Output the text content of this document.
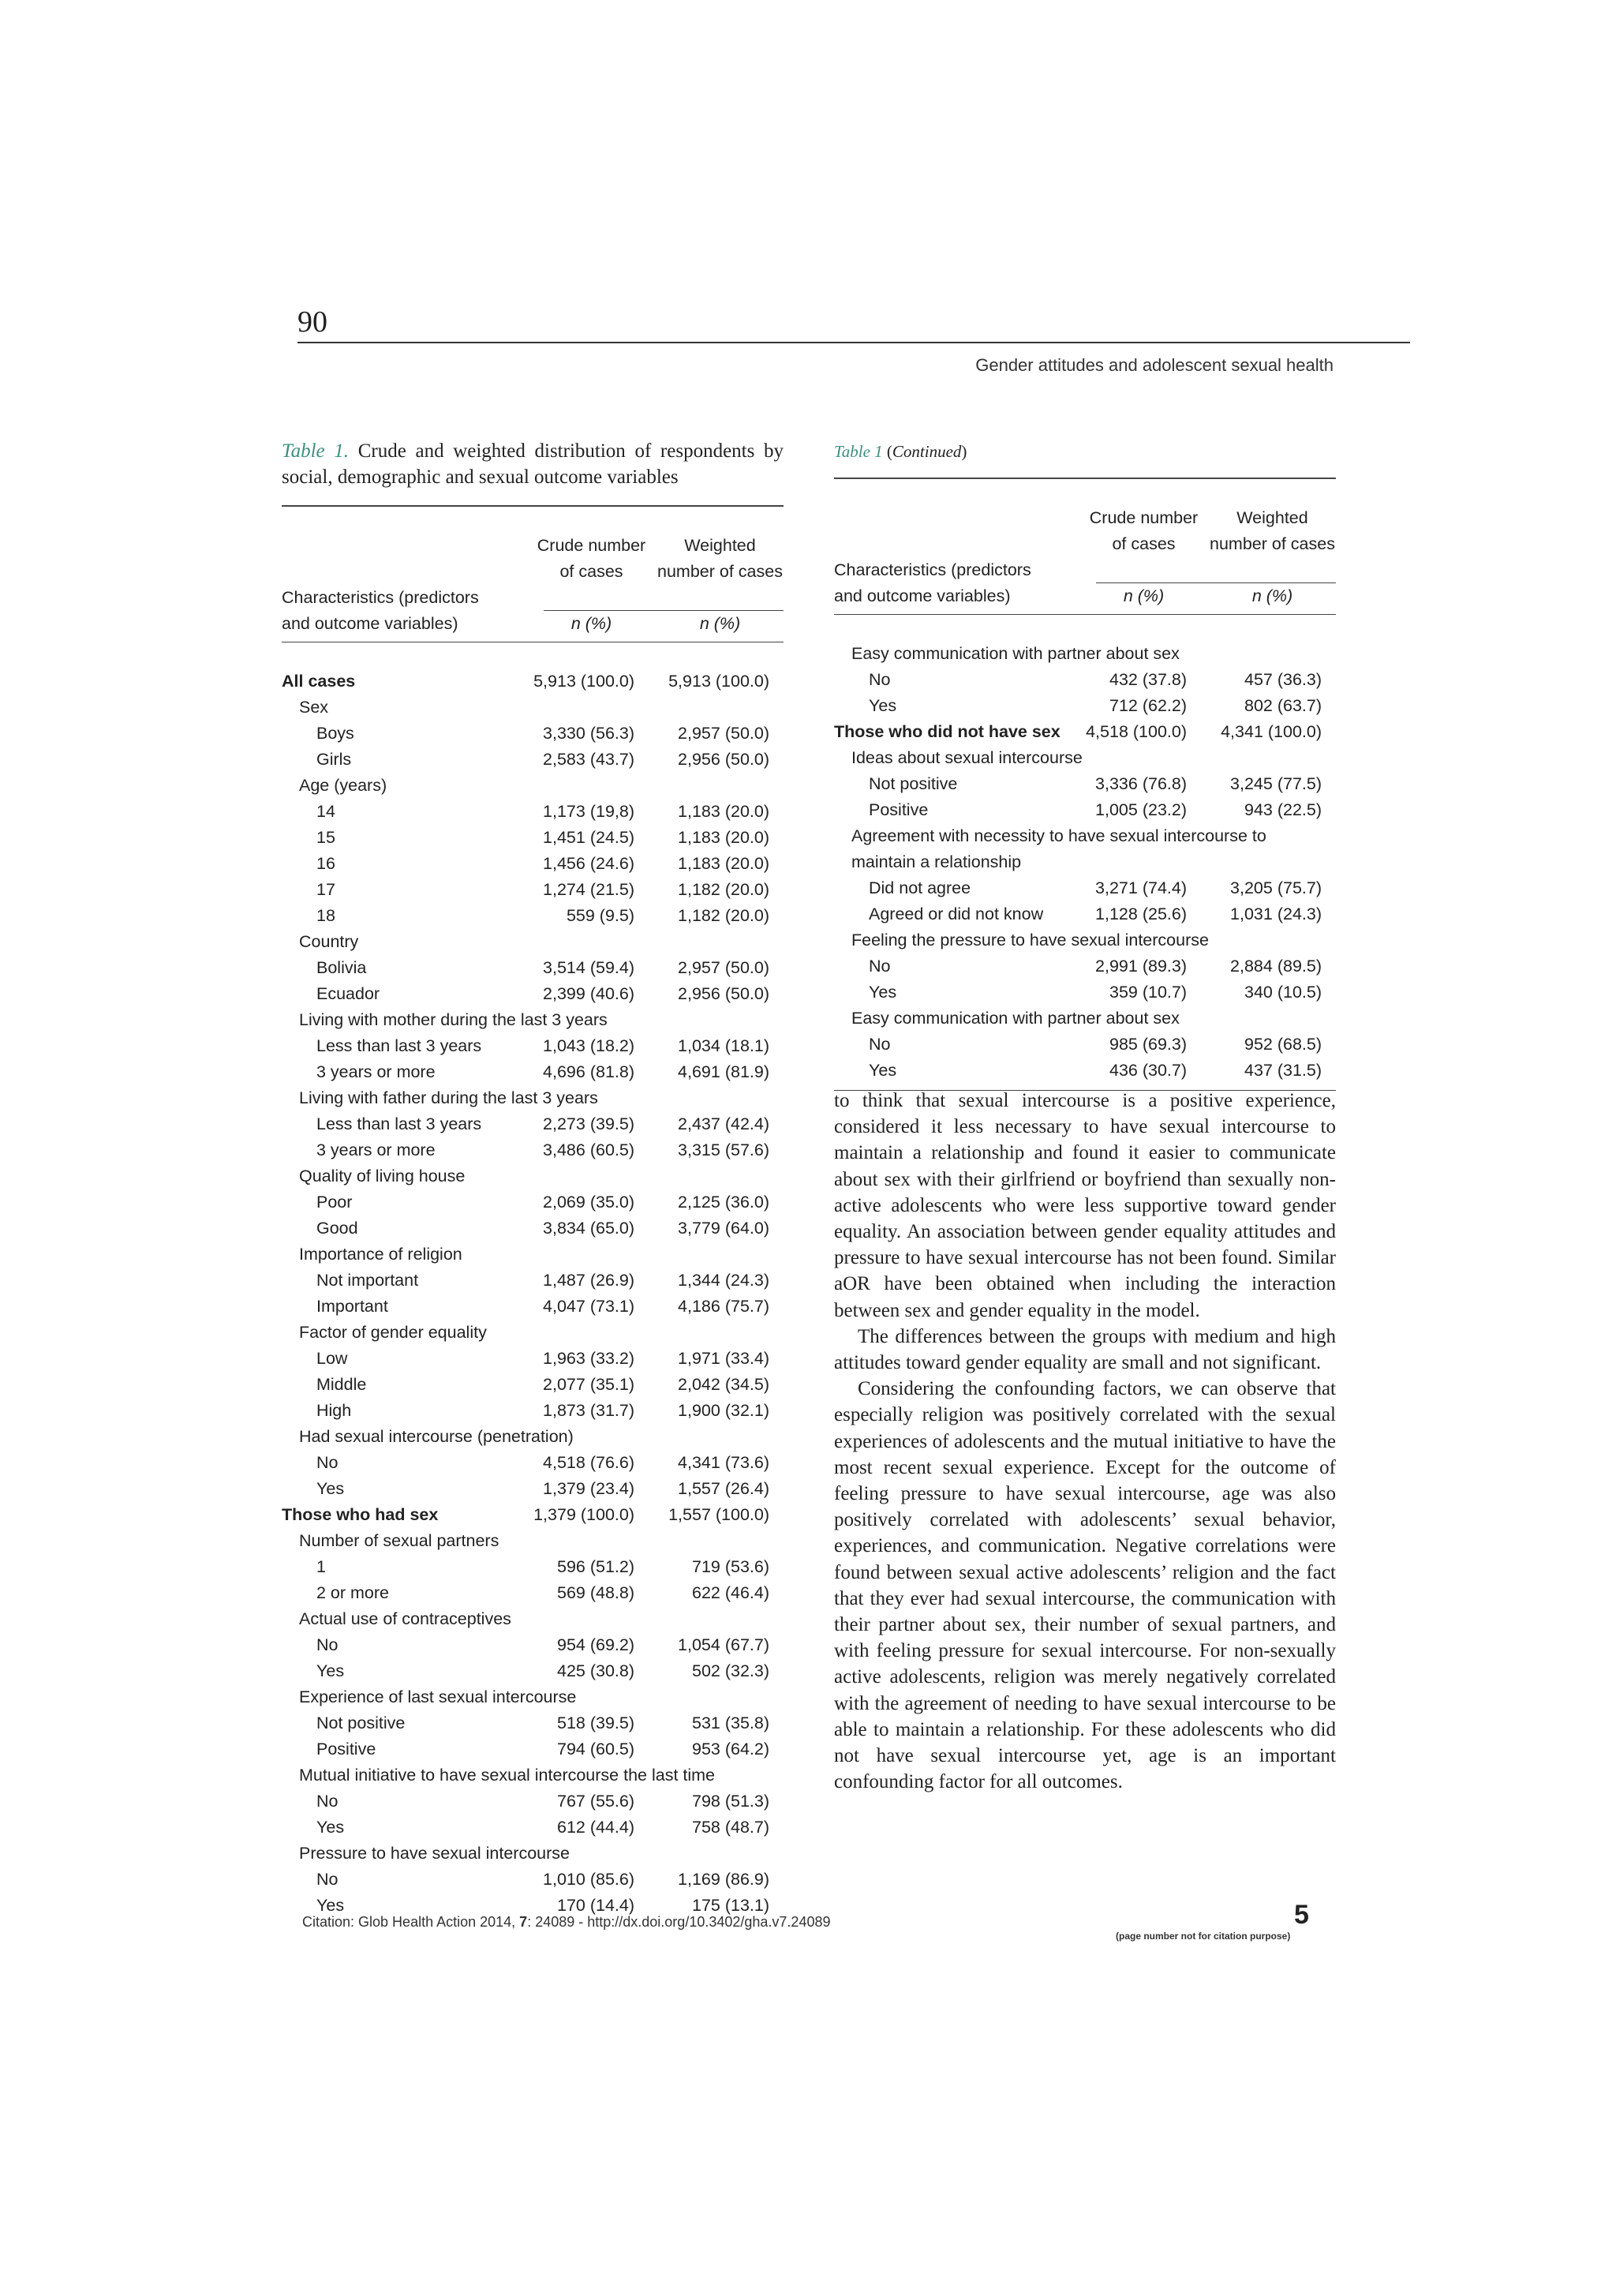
90
Gender attitudes and adolescent sexual health
Table 1. Crude and weighted distribution of respondents by social, demographic and sexual outcome variables

	Crude number	Weighted
	of cases	number of cases
Characteristics (predictors		

and outcome variables)	n (%)	n (%)

All cases	5,913 (100.0)	5,913 (100.0)
Sex		
Boys	3,330 (56.3)	2,957 (50.0)
Girls	2,583 (43.7)	2,956 (50.0)
Age (years)		
14	1,173 (19,8)	1,183 (20.0)
15	1,451 (24.5)	1,183 (20.0)
16	1,456 (24.6)	1,183 (20.0)
17	1,274 (21.5)	1,182 (20.0)
18	559 (9.5)	1,182 (20.0)
Country		
Bolivia	3,514 (59.4)	2,957 (50.0)
Ecuador	2,399 (40.6)	2,956 (50.0)
Living with mother during the last 3 years		
Less than last 3 years	1,043 (18.2)	1,034 (18.1)
3 years or more	4,696 (81.8)	4,691 (81.9)
Living with father during the last 3 years		
Less than last 3 years	2,273 (39.5)	2,437 (42.4)
3 years or more	3,486 (60.5)	3,315 (57.6)
Quality of living house		
Poor	2,069 (35.0)	2,125 (36.0)
Good	3,834 (65.0)	3,779 (64.0)
Importance of religion		
Not important	1,487 (26.9)	1,344 (24.3)
Important	4,047 (73.1)	4,186 (75.7)
Factor of gender equality		
Low	1,963 (33.2)	1,971 (33.4)
Middle	2,077 (35.1)	2,042 (34.5)
High	1,873 (31.7)	1,900 (32.1)
Had sexual intercourse (penetration)		
No	4,518 (76.6)	4,341 (73.6)
Yes	1,379 (23.4)	1,557 (26.4)
Those who had sex	1,379 (100.0)	1,557 (100.0)
Number of sexual partners		
1	596 (51.2)	719 (53.6)
2 or more	569 (48.8)	622 (46.4)
Actual use of contraceptives		
No	954 (69.2)	1,054 (67.7)
Yes	425 (30.8)	502 (32.3)
Experience of last sexual intercourse		
Not positive	518 (39.5)	531 (35.8)
Positive	794 (60.5)	953 (64.2)
Mutual initiative to have sexual intercourse the last time		
No	767 (55.6)	798 (51.3)
Yes	612 (44.4)	758 (48.7)
Pressure to have sexual intercourse		
No	1,010 (85.6)	1,169 (86.9)
Yes	170 (14.4)	175 (13.1)

Table 1 (Continued)

	Crude number	Weighted
	of cases	number of cases
Characteristics (predictors		

and outcome variables)	n (%)	n (%)

Easy communication with partner about sex		
No	432 (37.8)	457 (36.3)
Yes	712 (62.2)	802 (63.7)
Those who did not have sex	4,518 (100.0)	4,341 (100.0)
Ideas about sexual intercourse		
Not positive	3,336 (76.8)	3,245 (77.5)
Positive	1,005 (23.2)	943 (22.5)
Agreement with necessity to have sexual intercourse to		
maintain a relationship		
Did not agree	3,271 (74.4)	3,205 (75.7)
Agreed or did not know	1,128 (25.6)	1,031 (24.3)
Feeling the pressure to have sexual intercourse		
No	2,991 (89.3)	2,884 (89.5)
Yes	359 (10.7)	340 (10.5)
Easy communication with partner about sex		
No	985 (69.3)	952 (68.5)
Yes	436 (30.7)	437 (31.5)

to think that sexual intercourse is a positive experience, considered it less necessary to have sexual intercourse to maintain a relationship and found it easier to communicate about sex with their girlfriend or boyfriend than sexually non-active adolescents who were less supportive toward gender equality. An association between gender equality attitudes and pressure to have sexual intercourse has not been found. Similar aOR have been obtained when including the interaction between sex and gender equality in the model.

The differences between the groups with medium and high attitudes toward gender equality are small and not significant.

Considering the confounding factors, we can observe that especially religion was positively correlated with the sexual experiences of adolescents and the mutual initiative to have the most recent sexual experience. Except for the outcome of feeling pressure to have sexual intercourse, age was also positively correlated with adolescents’ sexual behavior, experiences, and communication. Negative correlations were found between sexual active adolescents’ religion and the fact that they ever had sexual intercourse, the communication with their partner about sex, their number of sexual partners, and with feeling pressure for sexual intercourse. For non-sexually active adolescents, religion was merely negatively correlated with the agreement of needing to have sexual intercourse to be able to maintain a relationship. For these adolescents who did not have sexual intercourse yet, age is an important confounding factor for all outcomes.

Citation: Glob Health Action 2014, 7: 24089 - http://dx.doi.org/10.3402/gha.v7.24089	5
(page number not for citation purpose)
